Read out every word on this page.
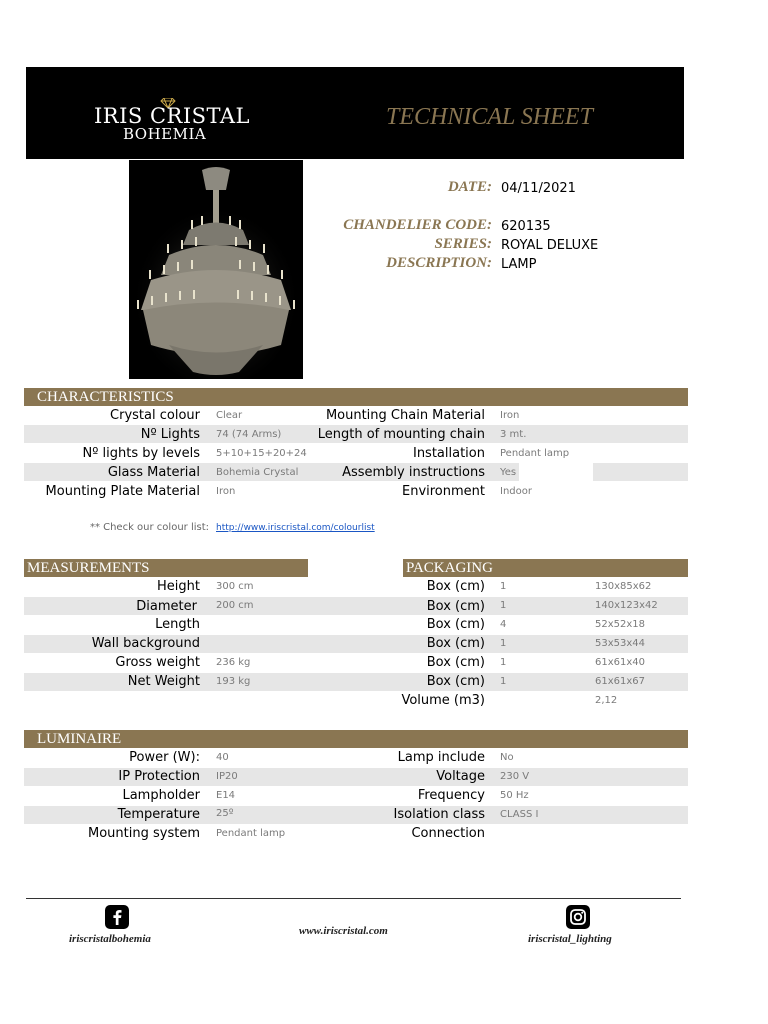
IRIS CRISTAL
BOHEMIA
TECHNICAL SHEET
DATE: 04/11/2021
CHANDELIER CODE: 620135
SERIES: ROYAL DELUXE
DESCRIPTION: LAMP
CHARACTERISTICS
Crystal colour Clear	Mounting Chain Material Iron
Nº Lights 74 (74 Arms)	Length of mounting chain 3 mt.
Nº lights by levels 5+10+15+20+24	Installation Pendant lamp
Glass Material Bohemia Crystal	Assembly instructions Yes
Mounting Plate Material Iron	Environment Indoor
** Check our colour list: http://www.iriscristal.com/colourlist
MEASUREMENTS	PACKAGING
Height 300 cm
Diameter 200 cm
Length
Wall background
Gross weight 236 kg
Net Weight 193 kg
Box (cm) 1	130x85x62
Box (cm) 1	140x123x42
Box (cm) 4	52x52x18
Box (cm) 1	53x53x44
Box (cm) 1	61x61x40
Box (cm) 1	61x61x67
Volume (m3)	2,12
LUMINAIRE
Power (W): 40	Lamp include No
IP Protection IP20	Voltage 230 V
Lampholder E14	Frequency 50 Hz
Temperature 25º	Isolation class CLASS I
Mounting system Pendant lamp	Connection
iriscristalbohemia
www.iriscristal.com
iriscristal_lighting
